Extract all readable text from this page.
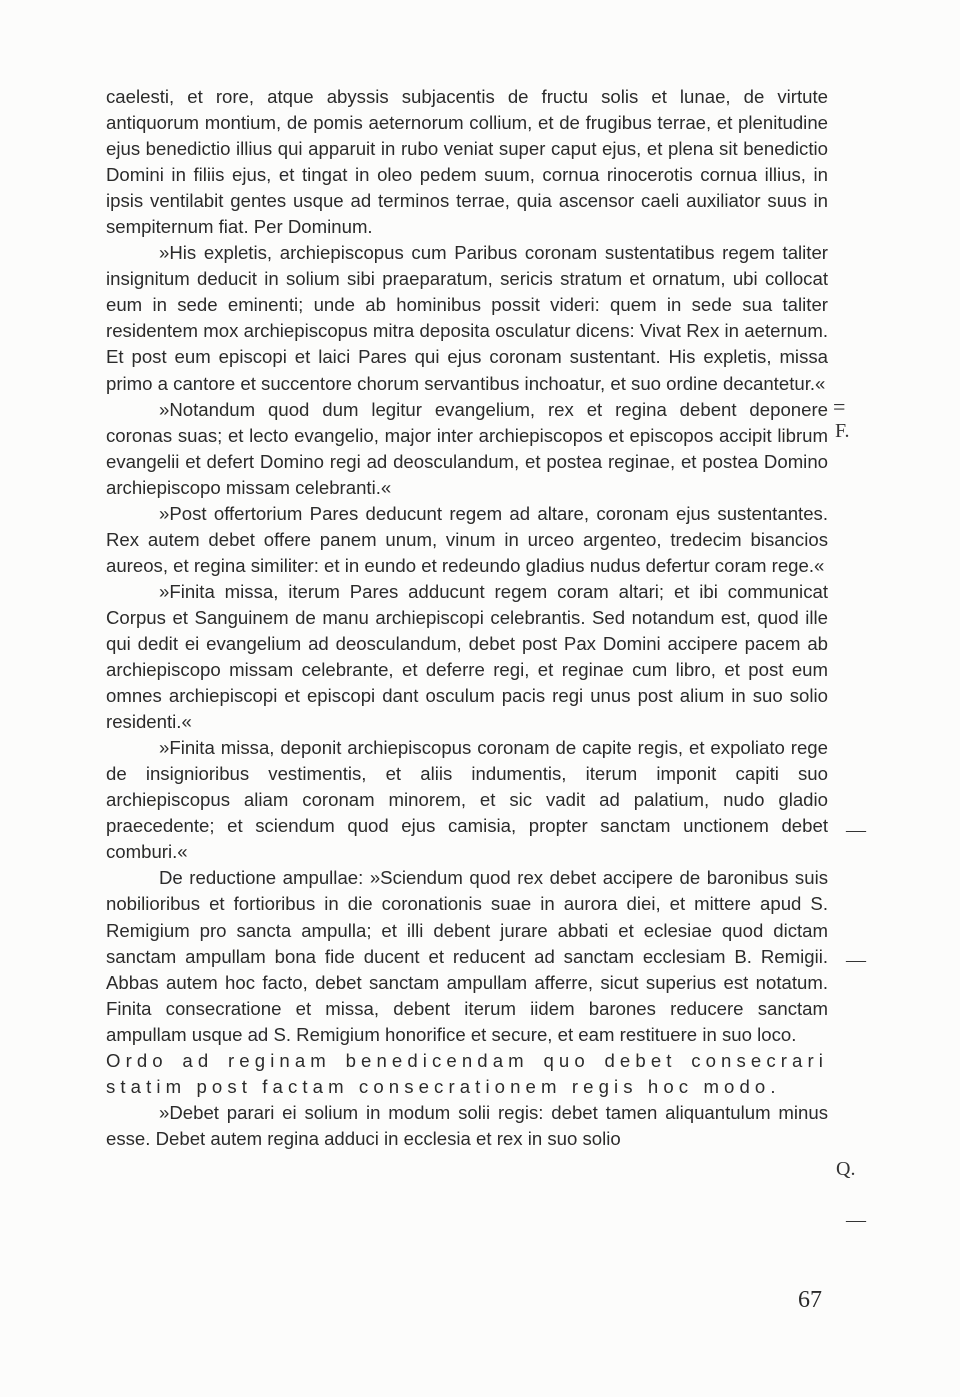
caelesti, et rore, atque abyssis subjacentis de fructu solis et lunae, de virtute antiquorum montium, de pomis aeternorum collium, et de frugibus terrae, et plenitudine ejus benedictio illius qui apparuit in rubo veniat super caput ejus, et plena sit benedictio Domini in filiis ejus, et tingat in oleo pedem suum, cornua rinocerotis cornua illius, in ipsis ventilabit gentes usque ad terminos terrae, quia ascensor caeli auxiliator suus in sempiternum fiat. Per Dominum.

»His expletis, archiepiscopus cum Paribus coronam sustentatibus regem taliter insignitum deducit in solium sibi praeparatum, sericis stratum et ornatum, ubi collocat eum in sede eminenti; unde ab hominibus possit videri: quem in sede sua taliter residentem mox archiepiscopus mitra deposita osculatur dicens: Vivat Rex in aeternum. Et post eum episcopi et laici Pares qui ejus coronam sustentant. His expletis, missa primo a cantore et succentore chorum servantibus inchoatur, et suo ordine decantetur.«

»Notandum quod dum legitur evangelium, rex et regina debent deponere coronas suas; et lecto evangelio, major inter archiepiscopos et episcopos accipit librum evangelii et defert Domino regi ad deosculandum, et postea reginae, et postea Domino archiepiscopo missam celebranti.«

»Post offertorium Pares deducunt regem ad altare, coronam ejus sustentantes. Rex autem debet offere panem unum, vinum in urceo argenteo, tredecim bisancios aureos, et regina similiter: et in eundo et redeundo gladius nudus defertur coram rege.«

»Finita missa, iterum Pares adducunt regem coram altari; et ibi communicat Corpus et Sanguinem de manu archiepiscopi celebrantis. Sed notandum est, quod ille qui dedit ei evangelium ad deosculandum, debet post Pax Domini accipere pacem ab archiepiscopo missam celebrante, et deferre regi, et reginae cum libro, et post eum omnes archiepiscopi et episcopi dant osculum pacis regi unus post alium in suo solio residenti.«

»Finita missa, deponit archiepiscopus coronam de capite regis, et expoliato rege de insignioribus vestimentis, et aliis indumentis, iterum imponit capiti suo archiepiscopus aliam coronam minorem, et sic vadit ad palatium, nudo gladio praecedente; et sciendum quod ejus camisia, propter sanctam unctionem debet comburi.«

De reductione ampullae: »Sciendum quod rex debet accipere de baronibus suis nobilioribus et fortioribus in die coronationis suae in aurora diei, et mittere apud S. Remigium pro sancta ampulla; et illi debent jurare abbati et eclesiae quod dictam sanctam ampullam bona fide ducent et reducent ad sanctam ecclesiam B. Remigii. Abbas autem hoc facto, debet sanctam ampullam afferre, sicut superius est notatum. Finita consecratione et missa, debent iterum iidem barones reducere sanctam ampullam usque ad S. Remigium honorifice et secure, et eam restituere in suo loco.

Ordo ad reginam benedicendam quo debet consecrari statim post factam consecrationem regis hoc modo.

»Debet parari ei solium in modum solii regis: debet tamen aliquantulum minus esse. Debet autem regina adduci in ecclesia et rex in suo solio

=
F.
—
—
Q.
—
67
